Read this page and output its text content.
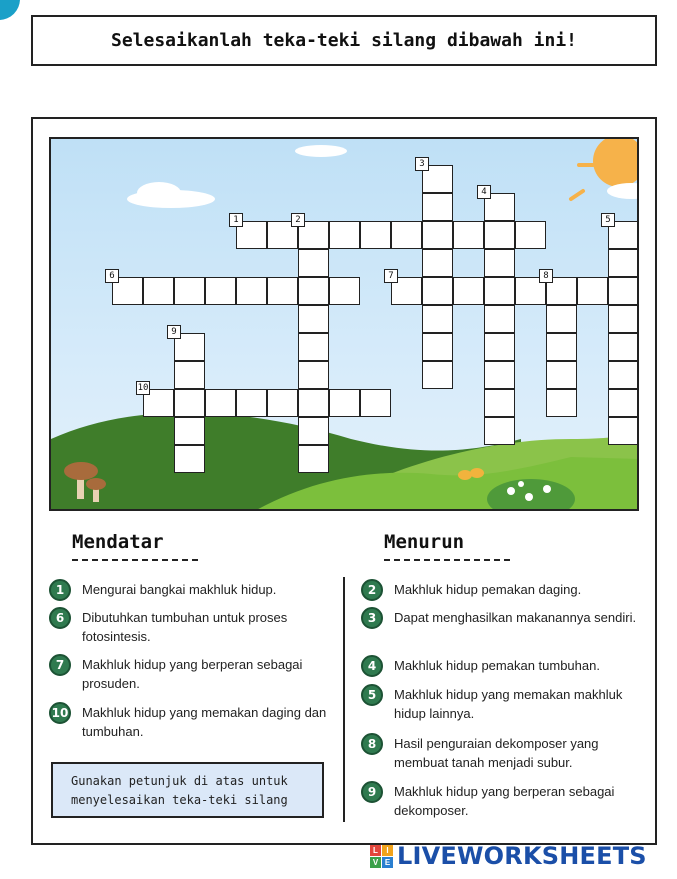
Selesaikanlah teka-teki silang dibawah ini!
1	2
3
4
5
6	7	8
9
10
Mendatar	Menurun
1	Mengurai bangkai makhluk hidup.
6	Dibutuhkan tumbuhan untuk proses fotosintesis.
7	Makhluk hidup yang berperan sebagai prosuden.
10 Makhluk hidup yang memakan daging dan tumbuhan.
2	Makhluk hidup pemakan daging.
3	Dapat menghasilkan makanannya sendiri.
4	Makhluk hidup pemakan tumbuhan.
5	Makhluk hidup yang memakan makhluk hidup lainnya.
8	Hasil penguraian dekomposer yang membuat tanah menjadi subur.
9	Makhluk hidup yang berperan sebagai dekomposer.
Gunakan petunjuk di atas untuk menyelesaikan teka-teki silang
L	I
V E LIVEWORKSHEETS
